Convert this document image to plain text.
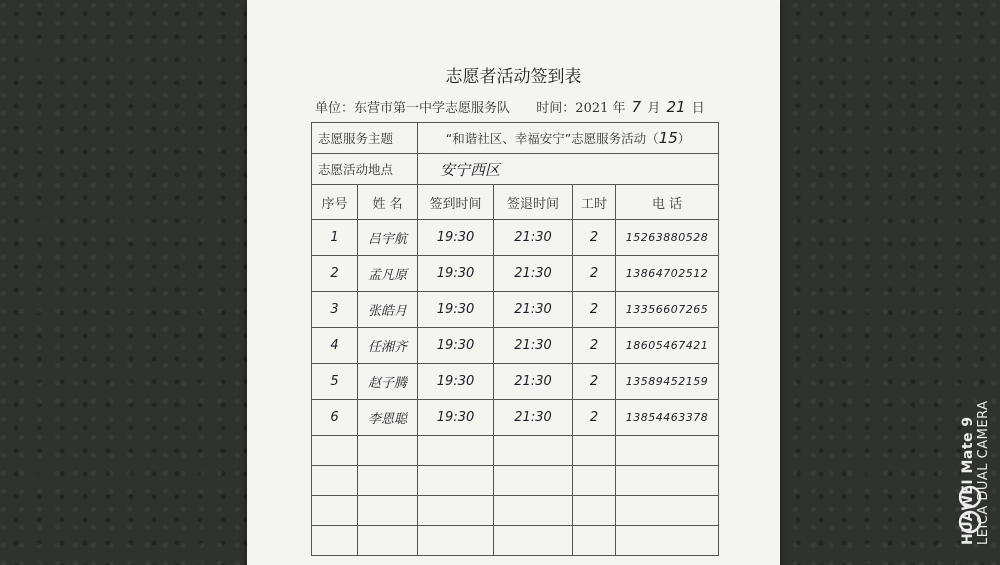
志愿者活动签到表
单位：东营市第一中学志愿服务队 时间：2021 年 7 月 21 日
志愿服务主题		“和谐社区、幸福安宁”志愿服务活动（15）			
志愿活动地点		安宁西区			
序号	姓 名	签到时间	签退时间	工时	电 话
1	吕宇航	19:30	21:30	2	15263880528
2	孟凡原	19:30	21:30	2	13864702512
3	张皓月	19:30	21:30	2	13356607265
4	任湘齐	19:30	21:30	2	18605467421
5	赵子腾	19:30	21:30	2	13589452159
6	李恩聪	19:30	21:30	2	13854463378

						HUAWEI Mate 9 LEICA DUAL CAMERA
